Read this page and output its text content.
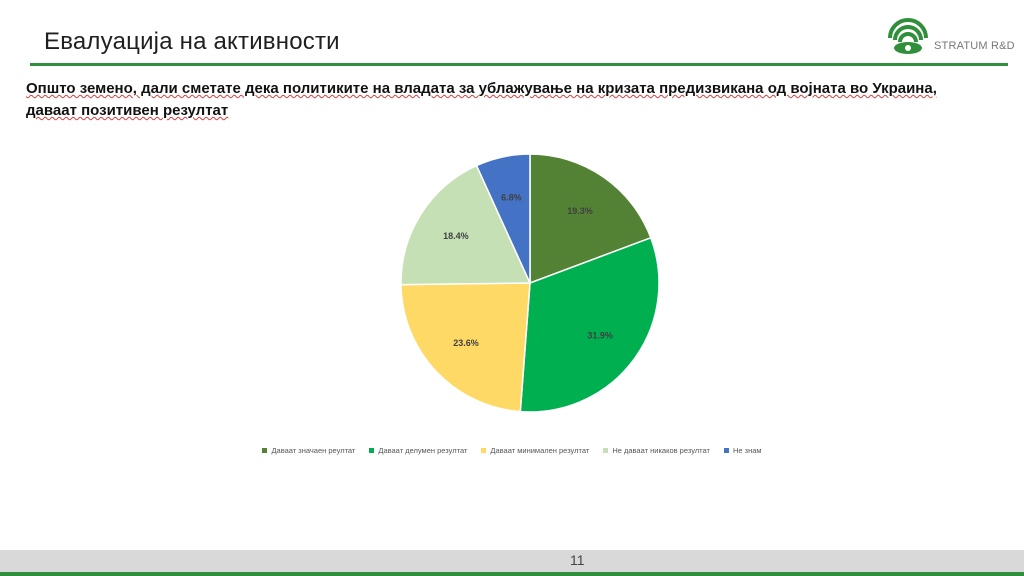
Евалуација на активности	STRATUM R&D
Општо земено, дали сметате дека политиките на владата за ублажување на кризата предизвикана од војната во Украина, даваат позитивен резултат
19.3%
31.9%
23.6%
18.4%
6.8%
Даваат значаен реултат	Даваат делумен резултат	Даваат минимален резултат	Не даваат никаков резултат	Не знам
11
